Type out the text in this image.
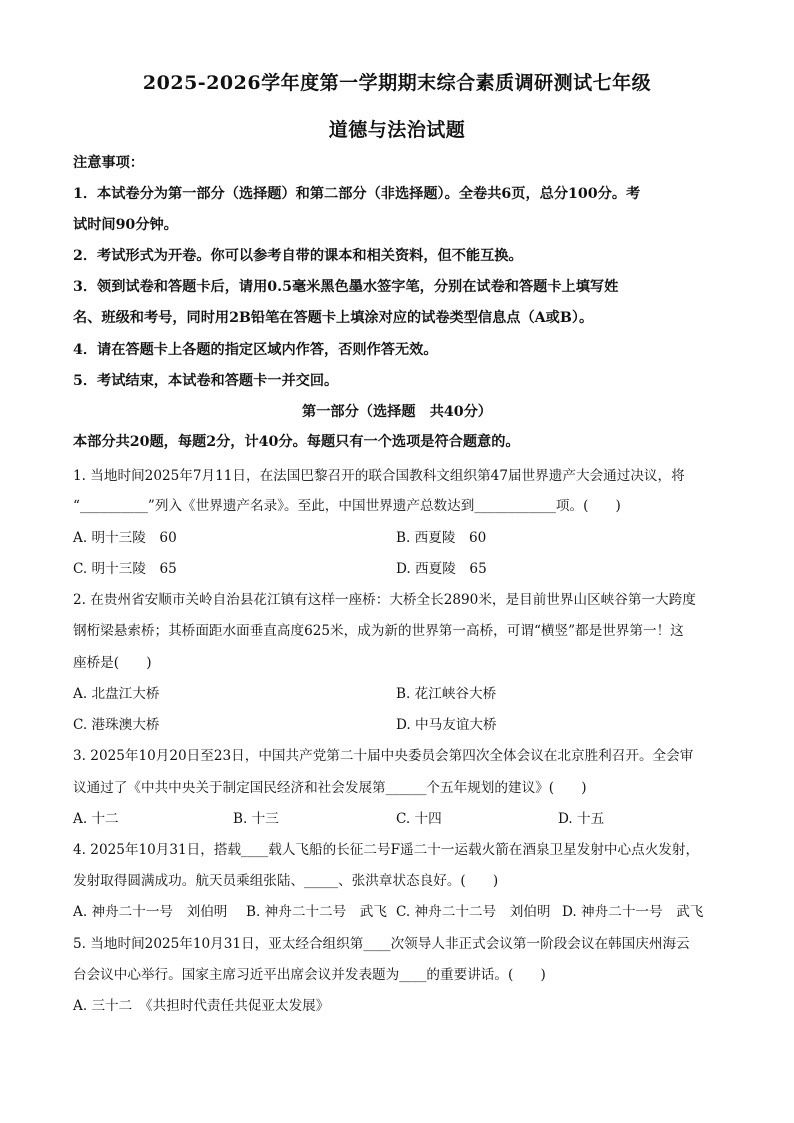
2025-2026学年度第一学期期末综合素质调研测试七年级
道德与法治试题
注意事项：
1．本试卷分为第一部分（选择题）和第二部分（非选择题）。全卷共6页，总分100分。考
试时间90分钟。
2．考试形式为开卷。你可以参考自带的课本和相关资料，但不能互换。
3．领到试卷和答题卡后，请用0.5毫米黑色墨水签字笔，分别在试卷和答题卡上填写姓
名、班级和考号，同时用2B铅笔在答题卡上填涂对应的试卷类型信息点（A或B）。
4．请在答题卡上各题的指定区域内作答，否则作答无效。
5．考试结束，本试卷和答题卡一并交回。
第一部分（选择题　共40分）
本部分共20题，每题2分，计40分。每题只有一个选项是符合题意的。
1. 当地时间2025年7月11日，在法国巴黎召开的联合国教科文组织第47届世界遗产大会通过决议，将
“__________”列入《世界遗产名录》。至此，中国世界遗产总数达到____________项。(　　)
A. 明十三陵　60	B. 西夏陵　60
C. 明十三陵　65	D. 西夏陵　65
2. 在贵州省安顺市关岭自治县花江镇有这样一座桥：大桥全长2890米，是目前世界山区峡谷第一大跨度
钢桁梁悬索桥；其桥面距水面垂直高度625米，成为新的世界第一高桥，可谓“横竖”都是世界第一！这
座桥是(　　)
A. 北盘江大桥	B. 花江峡谷大桥
C. 港珠澳大桥	D. 中马友谊大桥
3. 2025年10月20日至23日，中国共产党第二十届中央委员会第四次全体会议在北京胜利召开。全会审
议通过了《中共中央关于制定国民经济和社会发展第______个五年规划的建议》(　　)
A. 十二	B. 十三	C. 十四	D. 十五
4. 2025年10月31日，搭载____载人飞船的长征二号F遥二十一运载火箭在酒泉卫星发射中心点火发射，
发射取得圆满成功。航天员乘组张陆、_____、张洪章状态良好。(　　)
A. 神舟二十一号　刘伯明 B. 神舟二十二号　武飞 C. 神舟二十二号　刘伯明 D. 神舟二十一号　武飞
5. 当地时间2025年10月31日，亚太经合组织第____次领导人非正式会议第一阶段会议在韩国庆州海云
台会议中心举行。国家主席习近平出席会议并发表题为____的重要讲话。(　　)
A. 三十二　《共担时代责任共促亚太发展》
